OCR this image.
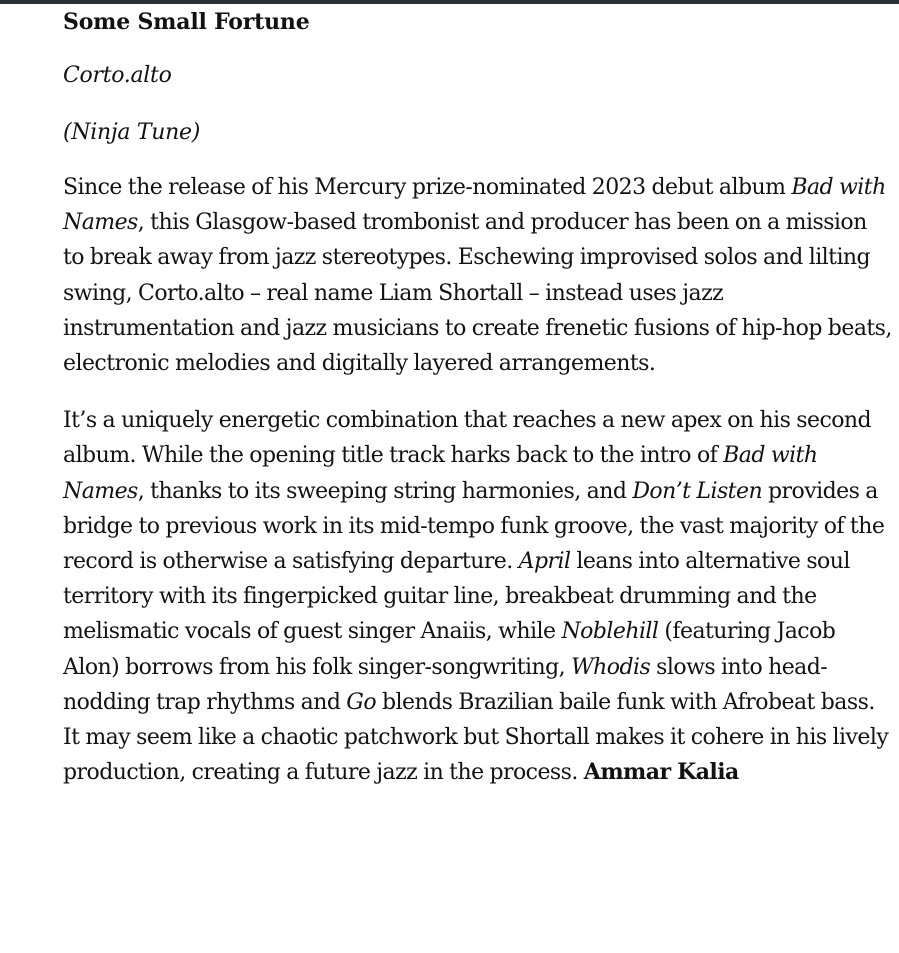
Some Small Fortune

Corto.alto

(Ninja Tune)

Since the release of his Mercury prize-nominated 2023 debut album Bad with Names, this Glasgow-based trombonist and producer has been on a mission to break away from jazz stereotypes. Eschewing improvised solos and lilting swing, Corto.alto – real name Liam Shortall – instead uses jazz instrumentation and jazz musicians to create frenetic fusions of hip-hop beats, electronic melodies and digitally layered arrangements.

It’s a uniquely energetic combination that reaches a new apex on his second album. While the opening title track harks back to the intro of Bad with Names, thanks to its sweeping string harmonies, and Don’t Listen provides a bridge to previous work in its mid-tempo funk groove, the vast majority of the record is otherwise a satisfying departure. April leans into alternative soul territory with its fingerpicked guitar line, breakbeat drumming and the melismatic vocals of guest singer Anaiis, while Noblehill (featuring Jacob Alon) borrows from his folk singer-songwriting, Whodis slows into head-nodding trap rhythms and Go blends Brazilian baile funk with Afrobeat bass. It may seem like a chaotic patchwork but Shortall makes it cohere in his lively production, creating a future jazz in the process. Ammar Kalia
